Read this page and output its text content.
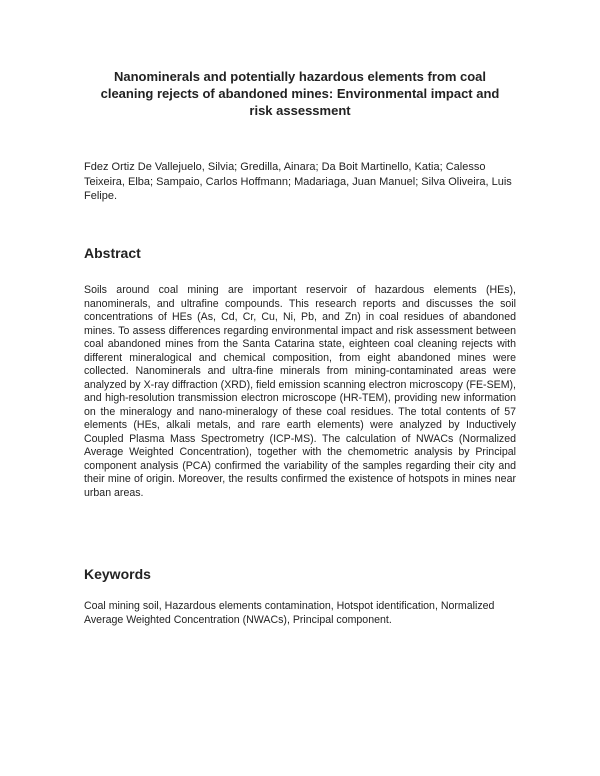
Nanominerals and potentially hazardous elements from coal cleaning rejects of abandoned mines: Environmental impact and risk assessment

Fdez Ortiz De Vallejuelo, Silvia; Gredilla, Ainara; Da Boit Martinello, Katia; Calesso Teixeira, Elba; Sampaio, Carlos Hoffmann; Madariaga, Juan Manuel; Silva Oliveira, Luis Felipe.

Abstract

Soils around coal mining are important reservoir of hazardous elements (HEs), nanominerals, and ultrafine compounds. This research reports and discusses the soil concentrations of HEs (As, Cd, Cr, Cu, Ni, Pb, and Zn) in coal residues of abandoned mines. To assess differences regarding environmental impact and risk assessment between coal abandoned mines from the Santa Catarina state, eighteen coal cleaning rejects with different mineralogical and chemical composition, from eight abandoned mines were collected. Nanominerals and ultra-fine minerals from mining-contaminated areas were analyzed by X-ray diffraction (XRD), field emission scanning electron microscopy (FE-SEM), and high-resolution transmission electron microscope (HR-TEM), providing new information on the mineralogy and nano-mineralogy of these coal residues. The total contents of 57 elements (HEs, alkali metals, and rare earth elements) were analyzed by Inductively Coupled Plasma Mass Spectrometry (ICP-MS). The calculation of NWACs (Normalized Average Weighted Concentration), together with the chemometric analysis by Principal component analysis (PCA) confirmed the variability of the samples regarding their city and their mine of origin. Moreover, the results confirmed the existence of hotspots in mines near urban areas.

Keywords

Coal mining soil, Hazardous elements contamination, Hotspot identification, Normalized Average Weighted Concentration (NWACs), Principal component.
